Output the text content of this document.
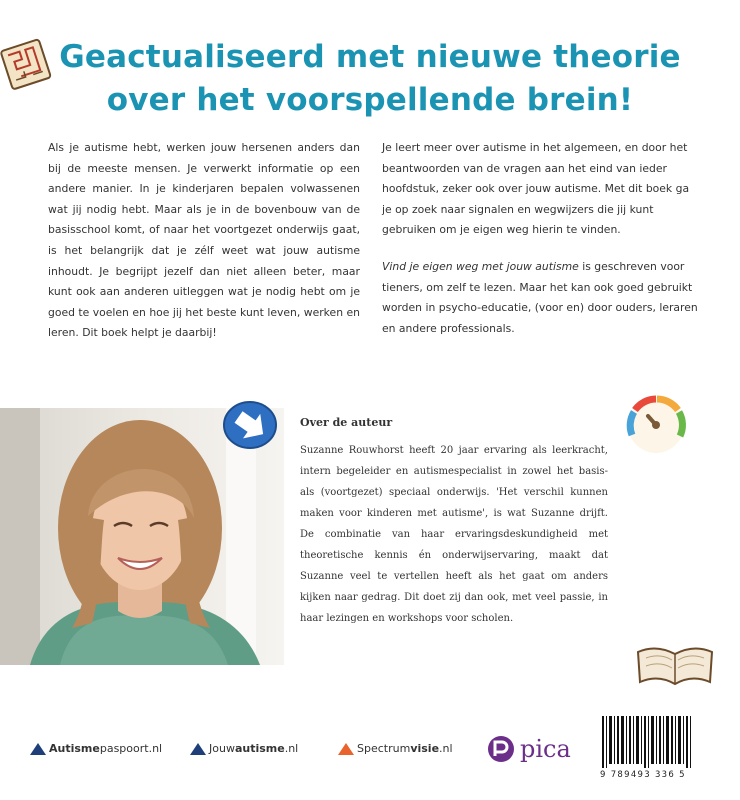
Geactualiseerd met nieuwe theorie
over het voorspellende brein!

Als je autisme hebt, werken jouw hersenen anders dan bij de meeste mensen. Je verwerkt informatie op een andere manier. In je kinderjaren bepalen volwassenen wat jij nodig hebt. Maar als je in de bovenbouw van de basisschool komt, of naar het voortgezet onderwijs gaat, is het belangrijk dat je zélf weet wat jouw autisme inhoudt. Je begrijpt jezelf dan niet alleen beter, maar kunt ook aan anderen uitleggen wat je nodig hebt om je goed te voelen en hoe jij het beste kunt leven, werken en leren. Dit boek helpt je daarbij!

Je leert meer over autisme in het algemeen, en door het beantwoorden van de vragen aan het eind van ieder hoofdstuk, zeker ook over jouw autisme. Met dit boek ga je op zoek naar signalen en wegwijzers die jij kunt gebruiken om je eigen weg hierin te vinden.

Vind je eigen weg met jouw autisme is geschreven voor tieners, om zelf te lezen. Maar het kan ook goed gebruikt worden in psycho-educatie, (voor en) door ouders, leraren en andere professionals.

Over de auteur
Suzanne Rouwhorst heeft 20 jaar ervaring als leerkracht, intern begeleider en autismespecialist in zowel het basis- als (voortgezet) speciaal onderwijs. 'Het verschil kunnen maken voor kinderen met autisme', is wat Suzanne drijft. De combinatie van haar ervaringsdeskundigheid met theoretische kennis én onderwijservaring, maakt dat Suzanne veel te vertellen heeft als het gaat om anders kijken naar gedrag. Dit doet zij dan ook, met veel passie, in haar lezingen en workshops voor scholen.
Autisme paspoort.nl	Jouw autisme .nl	Spectrum visie .nl	pica
9 789493 336 5
